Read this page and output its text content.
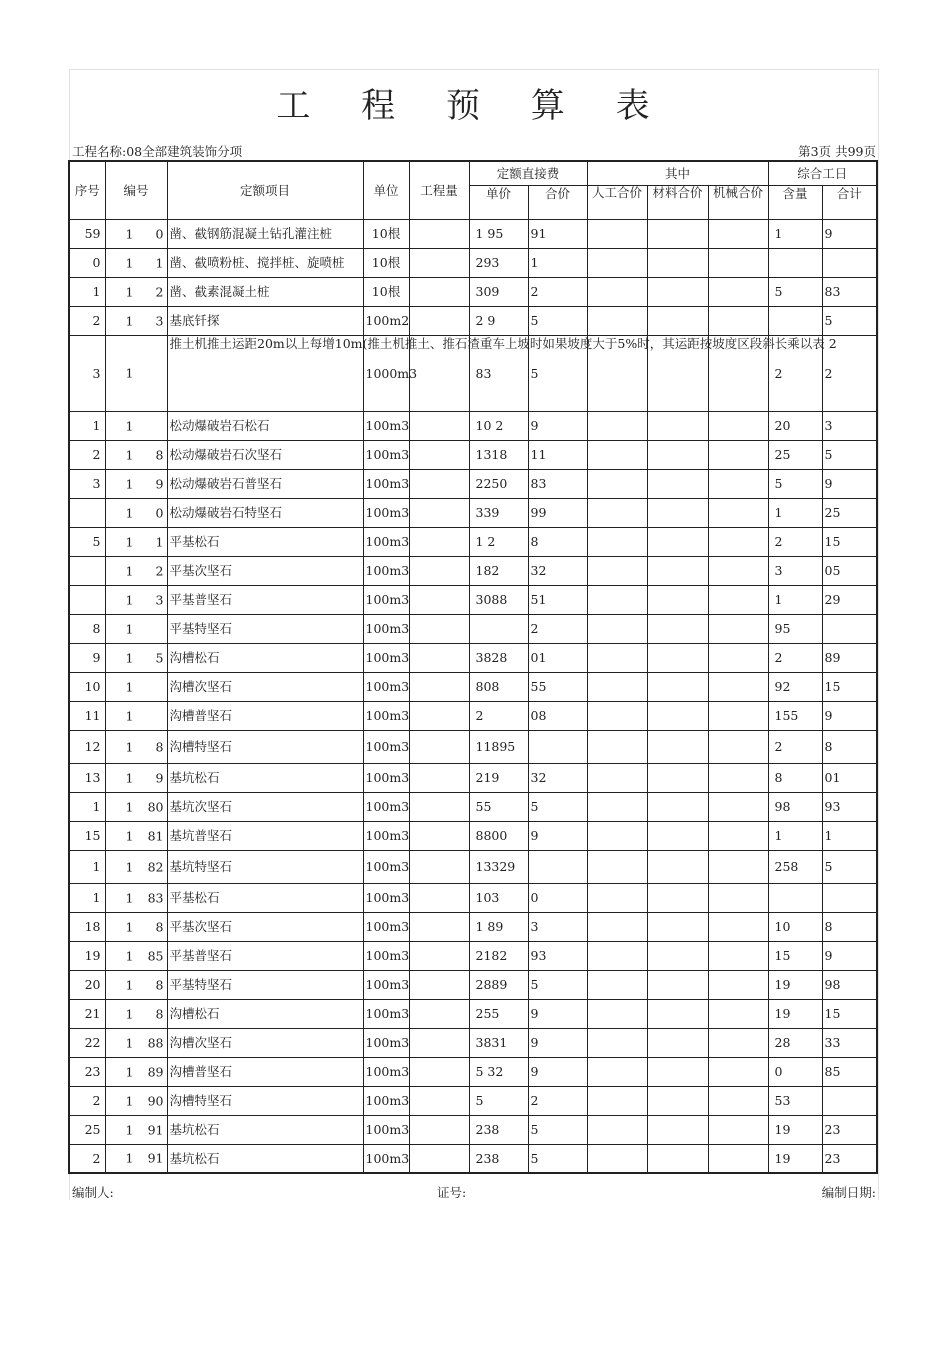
工 程 预 算 表
工程名称:08全部建筑装饰分项	第3页 共99页
序号	编号	定额项目	单位	工程量	定额直接费		其中			综合工日	
					单价	合价	人工合价	材料合价	机械合价	含量	合计
59	1 0	凿、截钢筋混凝土钻孔灌注桩	10根		1 95	91				1	9
0	1 1	凿、截喷粉桩、搅拌桩、旋喷桩	10根		293	1					
1	1 2	凿、截素混凝土桩	10根		309	2				5	83
2	1 3	基底钎探	100m2		2 9	5					5
3	1	推土机推土运距20m以上每增10m(推土机推土、推石渣重车上坡时如果坡度大于5%时，其运距按坡度区段斜长乘以表 2	1000m3		83	5				2	2
1	1	松动爆破岩石松石	100m3		10 2	9				20	3
2	1 8	松动爆破岩石次坚石	100m3		1318	11				25	5
3	1 9	松动爆破岩石普坚石	100m3		2250	83				5	9

	1 0	松动爆破岩石特坚石	100m3		339	99				1	25
5	1 1	平基松石	100m3		1 2	8				2	15

	1 2	平基次坚石	100m3		182	32				3	05

	1 3	平基普坚石	100m3		3088	51				1	29
8	1	平基特坚石	100m3			2				95	
9	1 5	沟槽松石	100m3		3828	01				2	89
10	1	沟槽次坚石	100m3		808	55				92	15
11	1	沟槽普坚石	100m3		2	08				155	9
12	1 8	沟槽特坚石	100m3		11895					2	8
13	1 9	基坑松石	100m3		219	32				8	01
1	1 80	基坑次坚石	100m3		55	5				98	93
15	1 81	基坑普坚石	100m3		8800	9				1	1
1	1 82	基坑特坚石	100m3		13329					258	5
1	1 83	平基松石	100m3		103	0					
18	1 8	平基次坚石	100m3		1 89	3				10	8
19	1 85	平基普坚石	100m3		2182	93				15	9
20	1 8	平基特坚石	100m3		2889	5				19	98
21	1 8	沟槽松石	100m3		255	9				19	15
22	1 88	沟槽次坚石	100m3		3831	9				28	33
23	1 89	沟槽普坚石	100m3		5 32	9				0	85
2	1 90	沟槽特坚石	100m3		5	2				53	
25	1 91	基坑松石	100m3		238	5				19	23
2	1 91	基坑松石	100m3		238	5				19	23
编制人:	证号:	编制日期:
